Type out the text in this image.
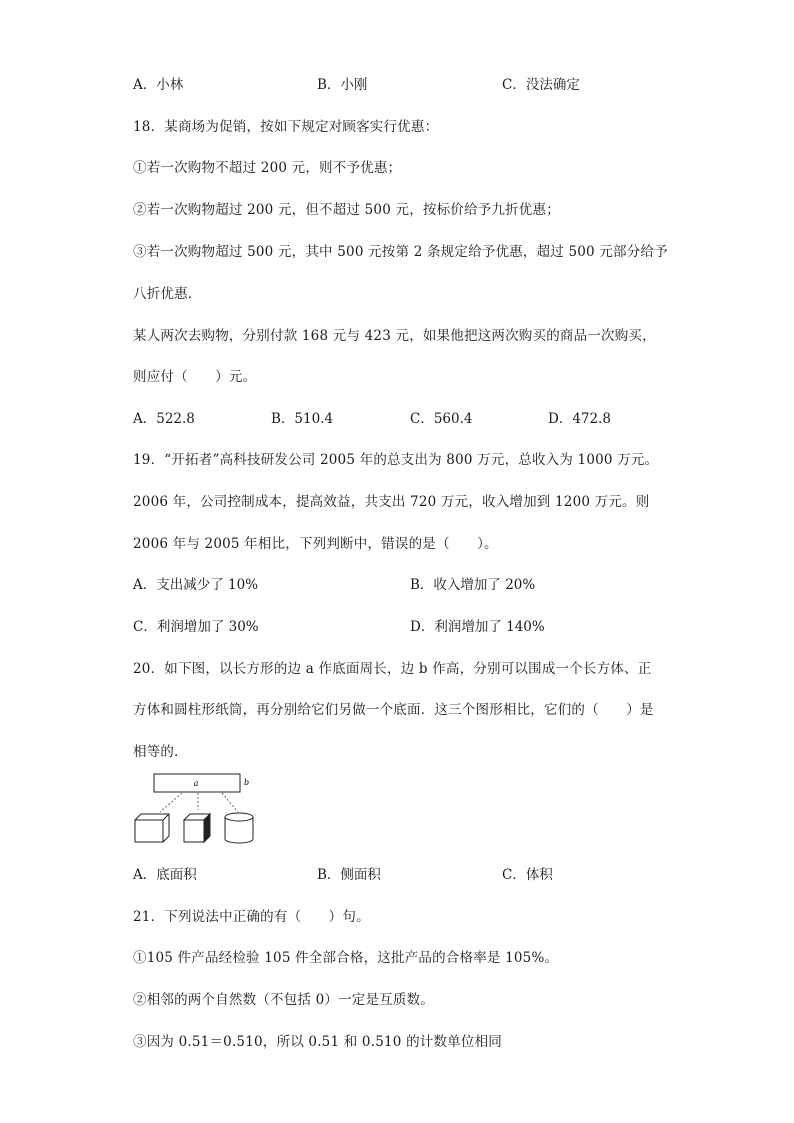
A．小林	B．小刚	C．没法确定
18．某商场为促销，按如下规定对顾客实行优惠：
①若一次购物不超过 200 元，则不予优惠；
②若一次购物超过 200 元，但不超过 500 元，按标价给予九折优惠；
③若一次购物超过 500 元，其中 500 元按第 2 条规定给予优惠，超过 500 元部分给予
八折优惠．
某人两次去购物，分别付款 168 元与 423 元，如果他把这两次购买的商品一次购买，
则应付（　　）元。
A．522.8	B．510.4	C．560.4	D．472.8
19．“开拓者”高科技研发公司 2005 年的总支出为 800 万元，总收入为 1000 万元。
2006 年，公司控制成本，提高效益，共支出 720 万元，收入增加到 1200 万元。则
2006 年与 2005 年相比，下列判断中，错误的是（　　）。
A．支出减少了 10%	B．收入增加了 20%
C．利润增加了 30%	D．利润增加了 140%
20．如下图，以长方形的边 a 作底面周长，边 b 作高，分别可以围成一个长方体、正
方体和圆柱形纸筒，再分别给它们另做一个底面．这三个图形相比，它们的（　　）是
相等的．
a	b
A．底面积	B．侧面积	C．体积
21．下列说法中正确的有（　　）句。
①105 件产品经检验 105 件全部合格，这批产品的合格率是 105%。
②相邻的两个自然数（不包括 0）一定是互质数。
③因为 0.51＝0.510，所以 0.51 和 0.510 的计数单位相同
